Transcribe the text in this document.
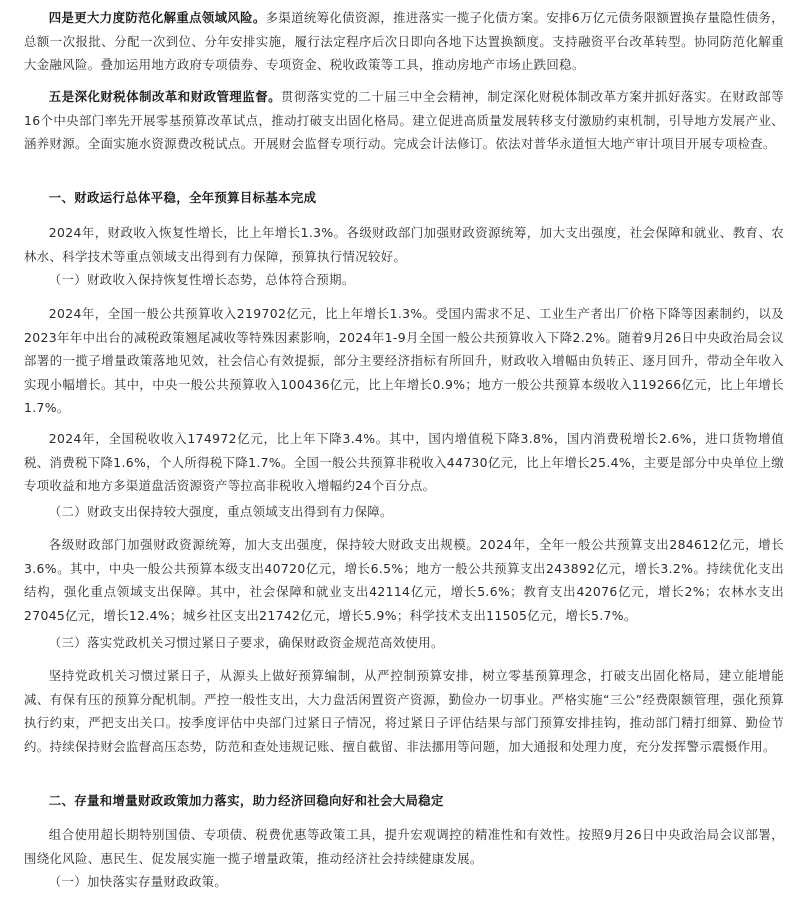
四是更大力度防范化解重点领域风险。多渠道统筹化债资源，推进落实一揽子化债方案。安排6万亿元债务限额置换存量隐性债务，总额一次报批、分配一次到位、分年安排实施，履行法定程序后次日即向各地下达置换额度。支持融资平台改革转型。协同防范化解重大金融风险。叠加运用地方政府专项债券、专项资金、税收政策等工具，推动房地产市场止跌回稳。

五是深化财税体制改革和财政管理监督。贯彻落实党的二十届三中全会精神，制定深化财税体制改革方案并抓好落实。在财政部等16个中央部门率先开展零基预算改革试点，推动打破支出固化格局。建立促进高质量发展转移支付激励约束机制，引导地方发展产业、涵养财源。全面实施水资源费改税试点。开展财会监督专项行动。完成会计法修订。依法对普华永道恒大地产审计项目开展专项检查。

一、财政运行总体平稳，全年预算目标基本完成

2024年，财政收入恢复性增长，比上年增长1.3%。各级财政部门加强财政资源统筹，加大支出强度，社会保障和就业、教育、农林水、科学技术等重点领域支出得到有力保障，预算执行情况较好。

（一）财政收入保持恢复性增长态势，总体符合预期。

2024年，全国一般公共预算收入219702亿元，比上年增长1.3%。受国内需求不足、工业生产者出厂价格下降等因素制约，以及2023年年中出台的减税政策翘尾减收等特殊因素影响，2024年1-9月全国一般公共预算收入下降2.2%。随着9月26日中央政治局会议部署的一揽子增量政策落地见效，社会信心有效提振，部分主要经济指标有所回升，财政收入增幅由负转正、逐月回升，带动全年收入实现小幅增长。其中，中央一般公共预算收入100436亿元，比上年增长0.9%；地方一般公共预算本级收入119266亿元，比上年增长1.7%。

2024年，全国税收收入174972亿元，比上年下降3.4%。其中，国内增值税下降3.8%，国内消费税增长2.6%，进口货物增值税、消费税下降1.6%，个人所得税下降1.7%。全国一般公共预算非税收入44730亿元，比上年增长25.4%，主要是部分中央单位上缴专项收益和地方多渠道盘活资源资产等拉高非税收入增幅约24个百分点。

（二）财政支出保持较大强度，重点领域支出得到有力保障。

各级财政部门加强财政资源统筹，加大支出强度，保持较大财政支出规模。2024年，全年一般公共预算支出284612亿元，增长3.6%。其中，中央一般公共预算本级支出40720亿元，增长6.5%；地方一般公共预算支出243892亿元，增长3.2%。持续优化支出结构，强化重点领域支出保障。其中，社会保障和就业支出42114亿元，增长5.6%；教育支出42076亿元，增长2%；农林水支出27045亿元，增长12.4%；城乡社区支出21742亿元，增长5.9%；科学技术支出11505亿元，增长5.7%。

（三）落实党政机关习惯过紧日子要求，确保财政资金规范高效使用。

坚持党政机关习惯过紧日子，从源头上做好预算编制，从严控制预算安排，树立零基预算理念，打破支出固化格局，建立能增能减、有保有压的预算分配机制。严控一般性支出，大力盘活闲置资产资源，勤俭办一切事业。严格实施“三公”经费限额管理，强化预算执行约束，严把支出关口。按季度评估中央部门过紧日子情况，将过紧日子评估结果与部门预算安排挂钩，推动部门精打细算、勤俭节约。持续保持财会监督高压态势，防范和查处违规记账、擅自截留、非法挪用等问题，加大通报和处理力度，充分发挥警示震慑作用。

二、存量和增量财政政策加力落实，助力经济回稳向好和社会大局稳定

组合使用超长期特别国债、专项债、税费优惠等政策工具，提升宏观调控的精准性和有效性。按照9月26日中央政治局会议部署，围绕化风险、惠民生、促发展实施一揽子增量政策，推动经济社会持续健康发展。

（一）加快落实存量财政政策。
